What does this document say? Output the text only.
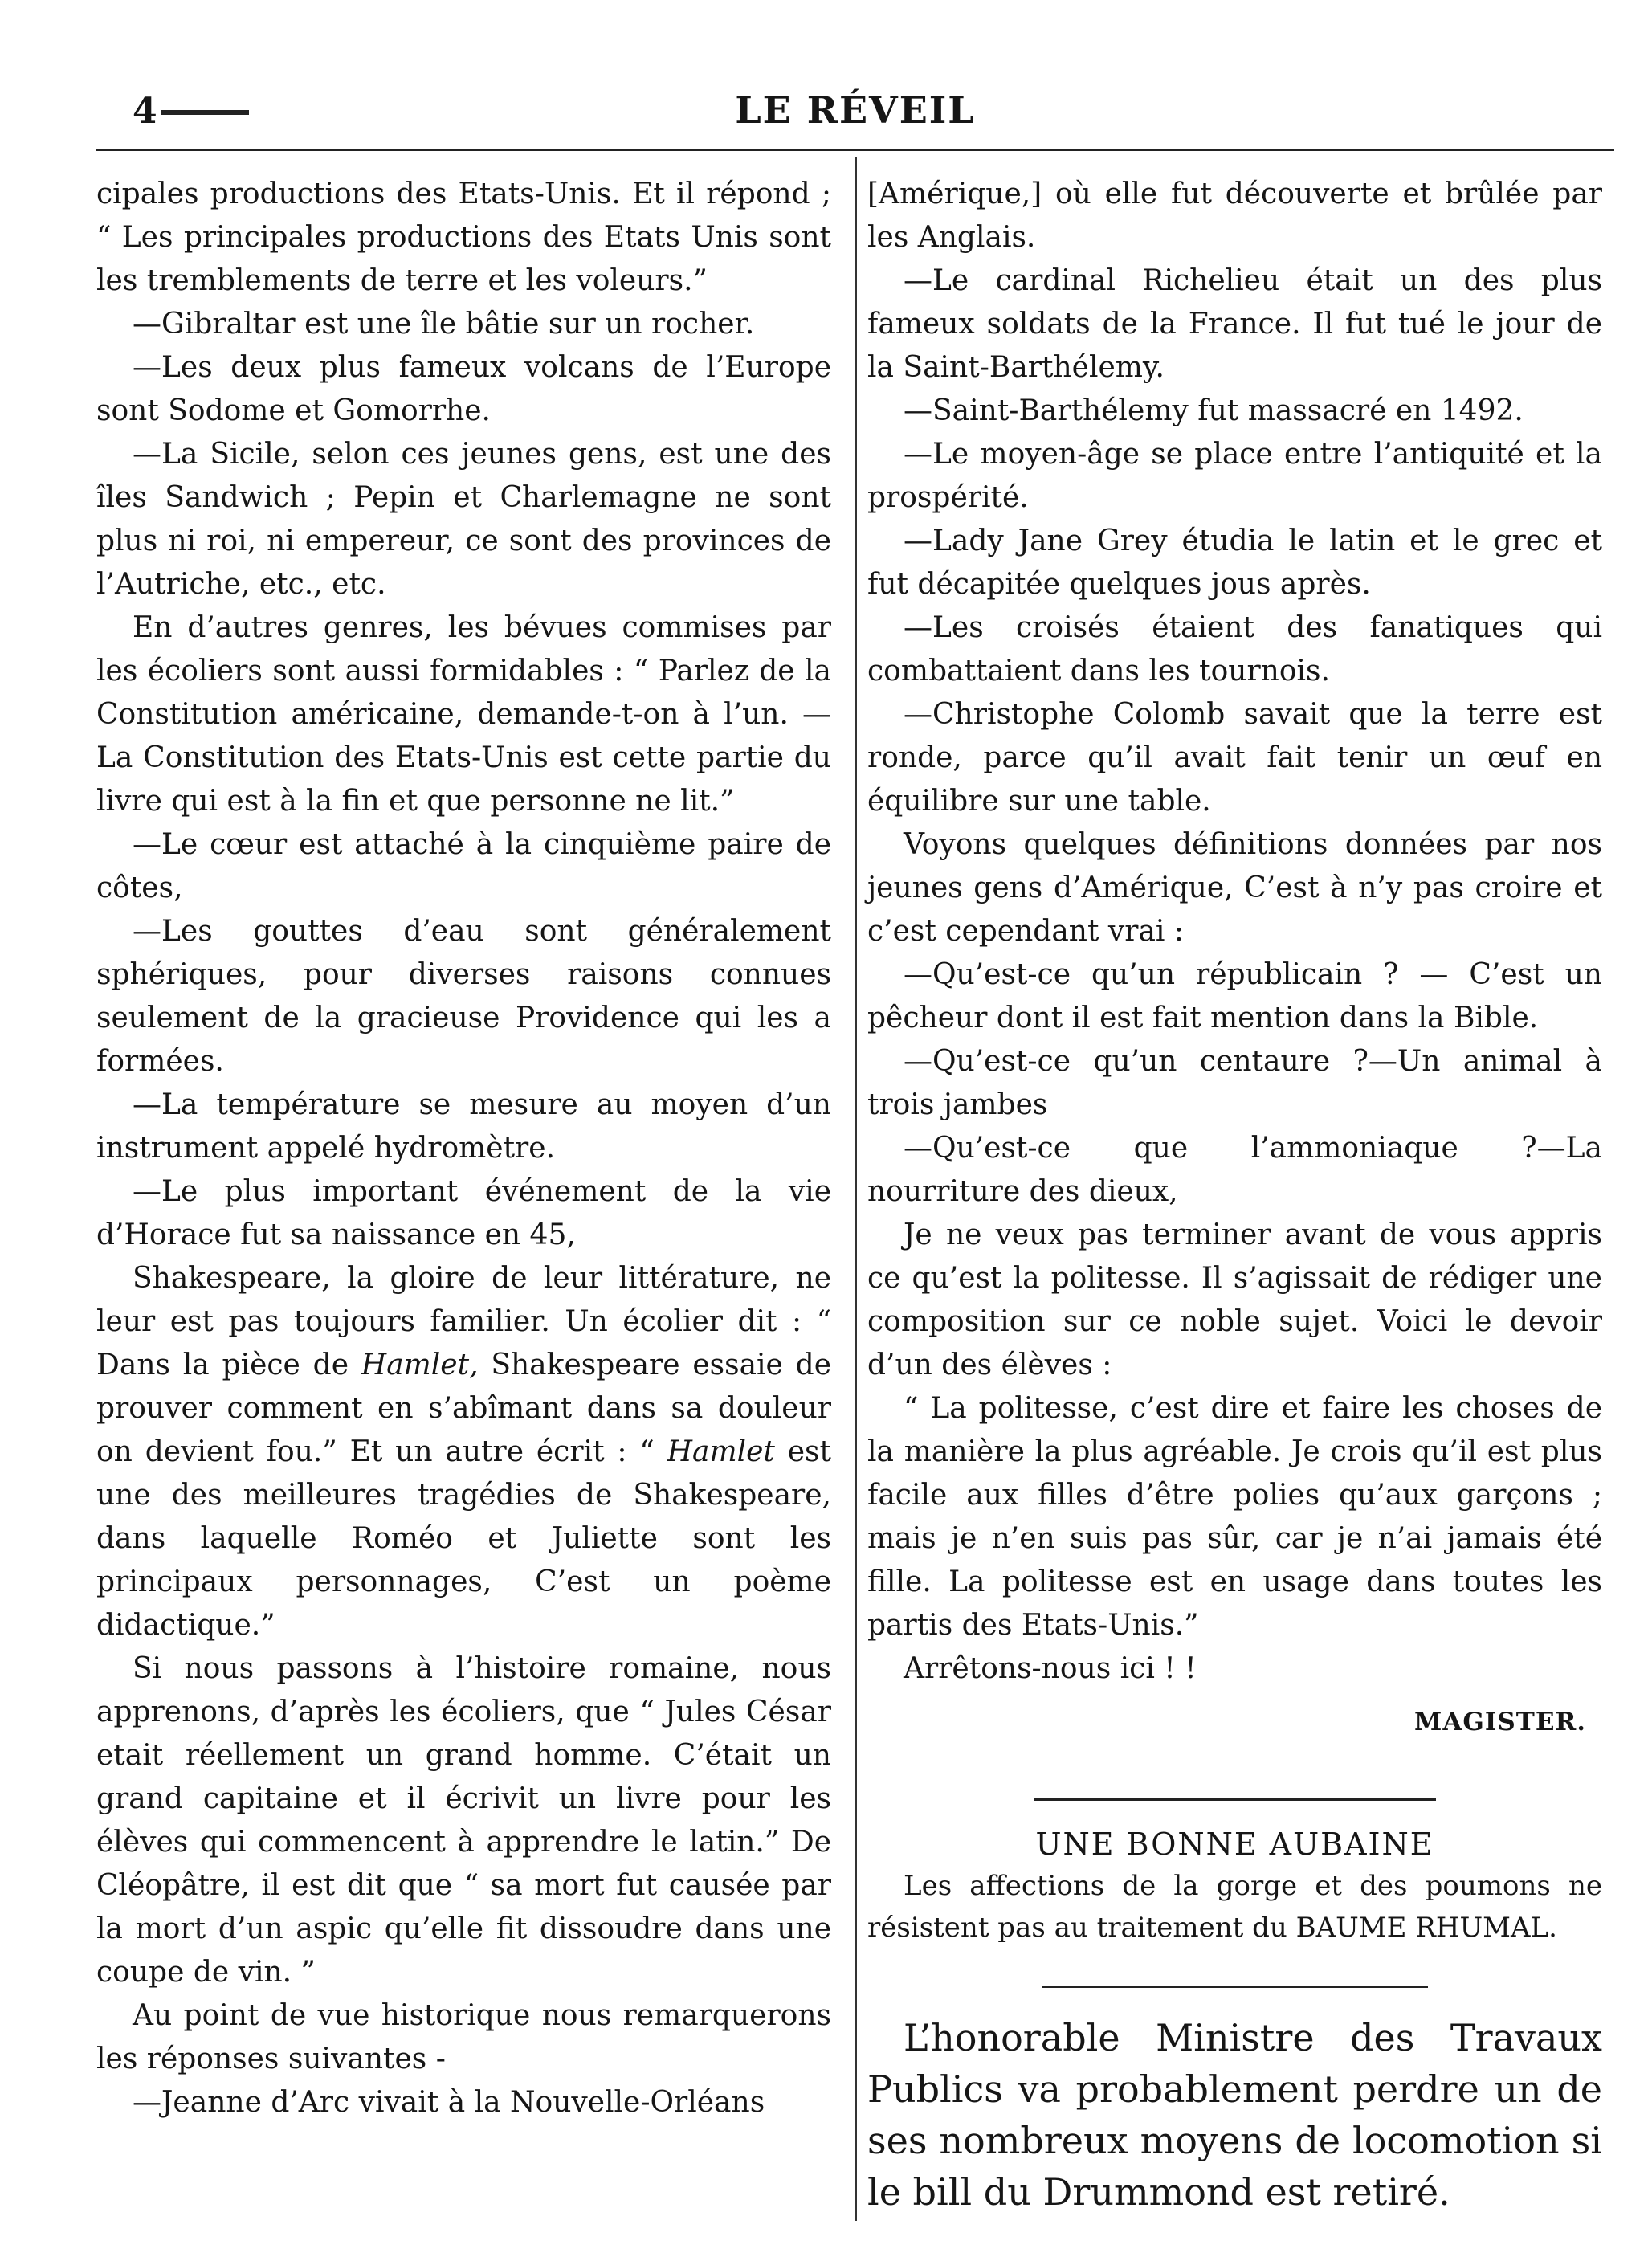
4	LE RÉVEIL

cipales productions des Etats-Unis. Et il répond ; “ Les principales productions des Etats Unis sont les tremblements de terre et les voleurs.”

—Gibraltar est une île bâtie sur un rocher.

—Les deux plus fameux volcans de l’Europe sont Sodome et Gomorrhe.

—La Sicile, selon ces jeunes gens, est une des îles Sandwich ; Pepin et Charlemagne ne sont plus ni roi, ni empereur, ce sont des provinces de l’Autriche, etc., etc.

En d’autres genres, les bévues commises par les écoliers sont aussi formidables : “ Parlez de la Constitution américaine, demande-t-on à l’un. —La Constitution des Etats-Unis est cette partie du livre qui est à la fin et que personne ne lit.”

—Le cœur est attaché à la cinquième paire de côtes,

—Les gouttes d’eau sont généralement sphériques, pour diverses raisons connues seulement de la gracieuse Providence qui les a formées.

—La température se mesure au moyen d’un instrument appelé hydromètre.

—Le plus important événement de la vie d’Horace fut sa naissance en 45,

Shakespeare, la gloire de leur littérature, ne leur est pas toujours familier. Un écolier dit : “ Dans la pièce de Hamlet, Shakespeare essaie de prouver comment en s’abîmant dans sa douleur on devient fou.” Et un autre écrit : “ Hamlet est une des meilleures tragédies de Shakespeare, dans laquelle Roméo et Juliette sont les principaux personnages, C’est un poème didactique.”

Si nous passons à l’histoire romaine, nous apprenons, d’après les écoliers, que “ Jules César etait réellement un grand homme. C’était un grand capitaine et il écrivit un livre pour les élèves qui commencent à apprendre le latin.” De Cléopâtre, il est dit que “ sa mort fut causée par la mort d’un aspic qu’elle fit dissoudre dans une coupe de vin. ”

Au point de vue historique nous remarquerons les réponses suivantes -

—Jeanne d’Arc vivait à la Nouvelle-Orléans

[Amérique,] où elle fut découverte et brûlée par les Anglais.

—Le cardinal Richelieu était un des plus fameux soldats de la France. Il fut tué le jour de la Saint-Barthélemy.

—Saint-Barthélemy fut massacré en 1492.

—Le moyen-âge se place entre l’antiquité et la prospérité.

—Lady Jane Grey étudia le latin et le grec et fut décapitée quelques jous après.

—Les croisés étaient des fanatiques qui combattaient dans les tournois.

—Christophe Colomb savait que la terre est ronde, parce qu’il avait fait tenir un œuf en équilibre sur une table.

Voyons quelques définitions données par nos jeunes gens d’Amérique, C’est à n’y pas croire et c’est cependant vrai :

—Qu’est-ce qu’un républicain ? — C’est un pêcheur dont il est fait mention dans la Bible.

—Qu’est-ce qu’un centaure ?—Un animal à trois jambes

—Qu’est-ce que l’ammoniaque ?—La nourriture des dieux,

Je ne veux pas terminer avant de vous appris ce qu’est la politesse. Il s’agissait de rédiger une composition sur ce noble sujet. Voici le devoir d’un des élèves :

“ La politesse, c’est dire et faire les choses de la manière la plus agréable. Je crois qu’il est plus facile aux filles d’être polies qu’aux garçons ; mais je n’en suis pas sûr, car je n’ai jamais été fille. La politesse est en usage dans toutes les partis des Etats-Unis.”

Arrêtons-nous ici ! !

MAGISTER.
UNE BONNE AUBAINE

Les affections de la gorge et des poumons ne résistent pas au traitement du BAUME RHUMAL.

L’honorable Ministre des Travaux Publics va probablement perdre un de ses nombreux moyens de locomotion si le bill du Drummond est retiré.
